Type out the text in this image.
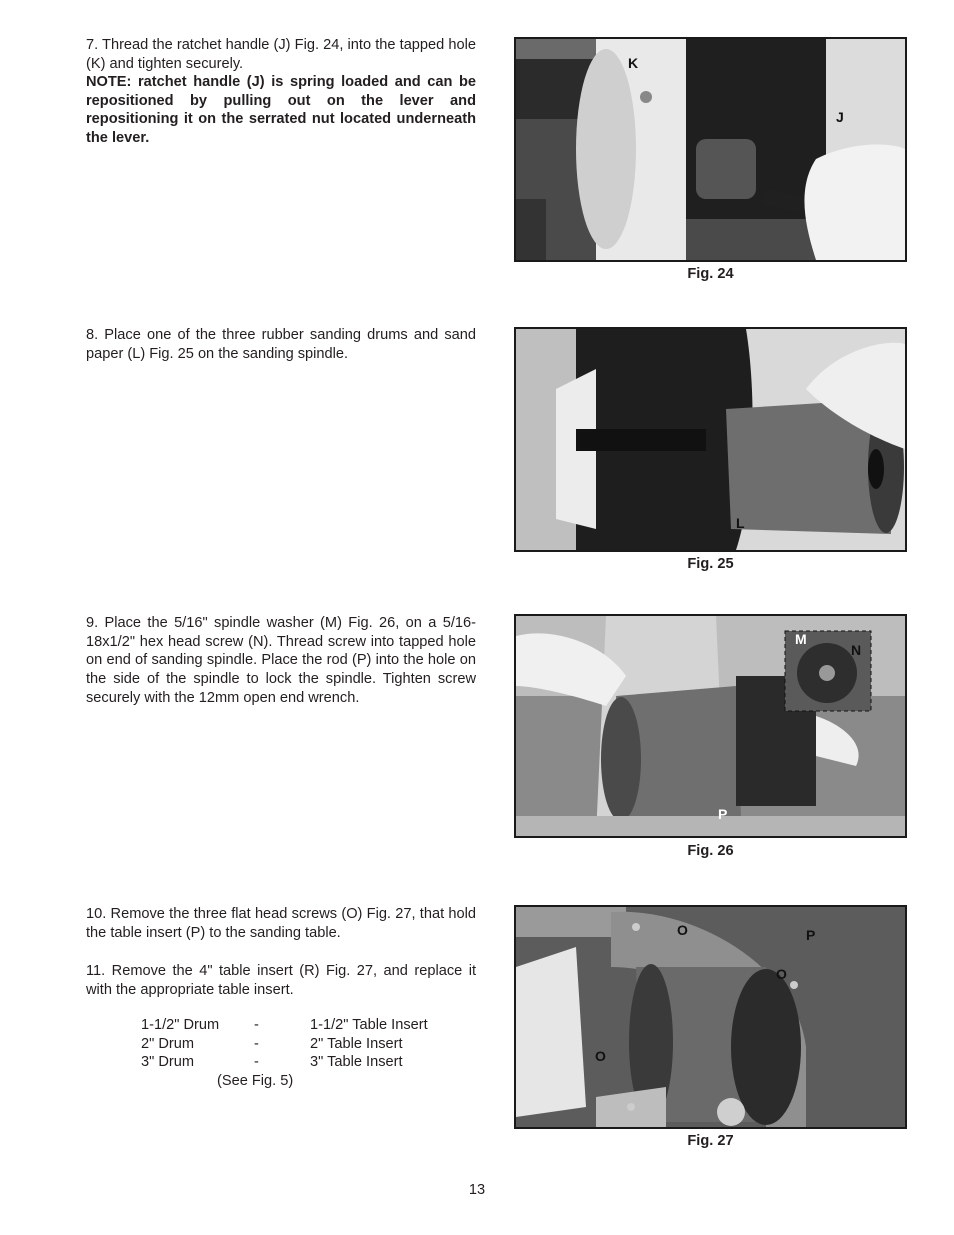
7. Thread the ratchet handle (J) Fig. 24, into the tapped hole (K) and tighten securely.

NOTE: ratchet handle (J) is spring loaded and can be repositioned by pulling out on the lever and repositioning it on the serrated nut located underneath the lever.

K
J
Fig. 24

8. Place one of the three rubber sanding drums and sand paper (L) Fig. 25 on the sanding spindle.

L
Fig. 25

9. Place the 5/16" spindle washer (M) Fig. 26, on a 5/16-18x1/2" hex head screw (N). Thread screw into tapped hole on end of sanding spindle. Place the rod (P) into the hole on the side of the spindle to lock the spindle. Tighten screw securely with the 12mm open end wrench.

M
N
P
Fig. 26

10. Remove the three flat head screws (O) Fig. 27, that hold the table insert (P) to the sanding table.

11. Remove the 4" table insert (R) Fig. 27, and replace it with the appropriate table insert.

1-1/2" Drum	-	1-1/2" Table Insert
2" Drum	-	2" Table Insert
3" Drum	-	3" Table Insert
(See Fig. 5)
O	P
O
O
Fig. 27
13
